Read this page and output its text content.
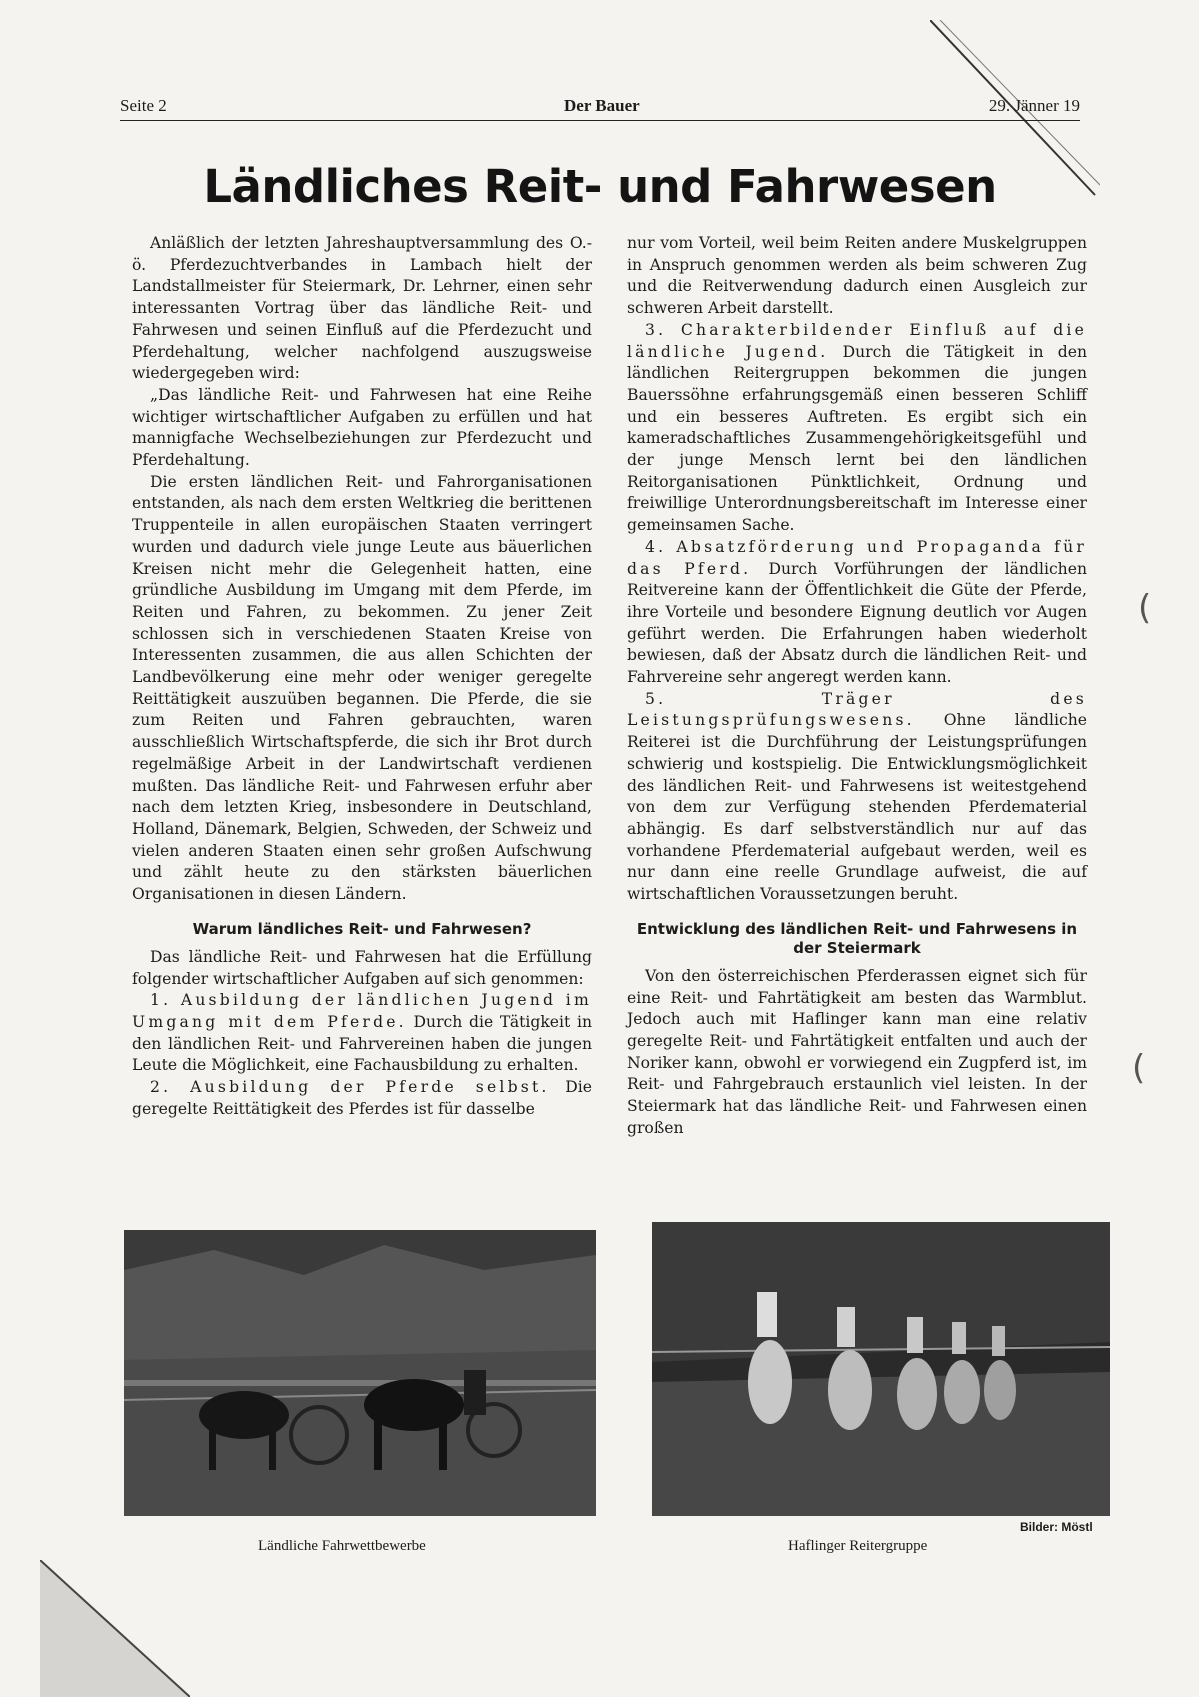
Seite 2	Der Bauer	29. Jänner 19
Ländliches Reit- und Fahrwesen

Anläßlich der letzten Jahreshauptversammlung des O.-ö. Pferdezuchtverbandes in Lambach hielt der Landstallmeister für Steiermark, Dr. Lehrner, einen sehr interessanten Vortrag über das ländliche Reit- und Fahrwesen und seinen Einfluß auf die Pferdezucht und Pferdehaltung, welcher nachfolgend auszugsweise wiedergegeben wird:

„Das ländliche Reit- und Fahrwesen hat eine Reihe wichtiger wirtschaftlicher Aufgaben zu erfüllen und hat mannigfache Wechselbeziehungen zur Pferdezucht und Pferdehaltung.

Die ersten ländlichen Reit- und Fahrorganisationen entstanden, als nach dem ersten Weltkrieg die berittenen Truppenteile in allen europäischen Staaten verringert wurden und dadurch viele junge Leute aus bäuerlichen Kreisen nicht mehr die Gelegenheit hatten, eine gründliche Ausbildung im Umgang mit dem Pferde, im Reiten und Fahren, zu bekommen. Zu jener Zeit schlossen sich in verschiedenen Staaten Kreise von Interessenten zusammen, die aus allen Schichten der Landbevölkerung eine mehr oder weniger geregelte Reittätigkeit auszuüben begannen. Die Pferde, die sie zum Reiten und Fahren gebrauchten, waren ausschließlich Wirtschaftspferde, die sich ihr Brot durch regelmäßige Arbeit in der Landwirtschaft verdienen mußten. Das ländliche Reit- und Fahrwesen erfuhr aber nach dem letzten Krieg, insbesondere in Deutschland, Holland, Dänemark, Belgien, Schweden, der Schweiz und vielen anderen Staaten einen sehr großen Aufschwung und zählt heute zu den stärksten bäuerlichen Organisationen in diesen Ländern.

Warum ländliches Reit- und Fahrwesen?

Das ländliche Reit- und Fahrwesen hat die Erfüllung folgender wirtschaftlicher Aufgaben auf sich genommen:

1. Ausbildung der ländlichen Jugend im Umgang mit dem Pferde. Durch die Tätigkeit in den ländlichen Reit- und Fahrvereinen haben die jungen Leute die Möglichkeit, eine Fachausbildung zu erhalten.

2. Ausbildung der Pferde selbst. Die geregelte Reittätigkeit des Pferdes ist für dasselbe

nur vom Vorteil, weil beim Reiten andere Muskelgruppen in Anspruch genommen werden als beim schweren Zug und die Reitverwendung dadurch einen Ausgleich zur schweren Arbeit darstellt.

3. Charakterbildender Einfluß auf die ländliche Jugend. Durch die Tätigkeit in den ländlichen Reitergruppen bekommen die jungen Bauerssöhne erfahrungsgemäß einen besseren Schliff und ein besseres Auftreten. Es ergibt sich ein kameradschaftliches Zusammengehörigkeitsgefühl und der junge Mensch lernt bei den ländlichen Reitorganisationen Pünktlichkeit, Ordnung und freiwillige Unterordnungsbereitschaft im Interesse einer gemeinsamen Sache.

4. Absatzförderung und Propaganda für das Pferd. Durch Vorführungen der ländlichen Reitvereine kann der Öffentlichkeit die Güte der Pferde, ihre Vorteile und besondere Eignung deutlich vor Augen geführt werden. Die Erfahrungen haben wiederholt bewiesen, daß der Absatz durch die ländlichen Reit- und Fahrvereine sehr angeregt werden kann.

5. Träger des Leistungsprüfungswesens. Ohne ländliche Reiterei ist die Durchführung der Leistungsprüfungen schwierig und kostspielig. Die Entwicklungsmöglichkeit des ländlichen Reit- und Fahrwesens ist weitestgehend von dem zur Verfügung stehenden Pferdematerial abhängig. Es darf selbstverständlich nur auf das vorhandene Pferdematerial aufgebaut werden, weil es nur dann eine reelle Grundlage aufweist, die auf wirtschaftlichen Voraussetzungen beruht.

Entwicklung des ländlichen Reit- und Fahrwesens in der Steiermark

Von den österreichischen Pferderassen eignet sich für eine Reit- und Fahrtätigkeit am besten das Warmblut. Jedoch auch mit Haflinger kann man eine relativ geregelte Reit- und Fahrtätigkeit entfalten und auch der Noriker kann, obwohl er vorwiegend ein Zugpferd ist, im Reit- und Fahrgebrauch erstaunlich viel leisten. In der Steiermark hat das ländliche Reit- und Fahrwesen einen großen

(
(
Ländliche Fahrwettbewerbe
Bilder: Möstl
Haflinger Reitergruppe
